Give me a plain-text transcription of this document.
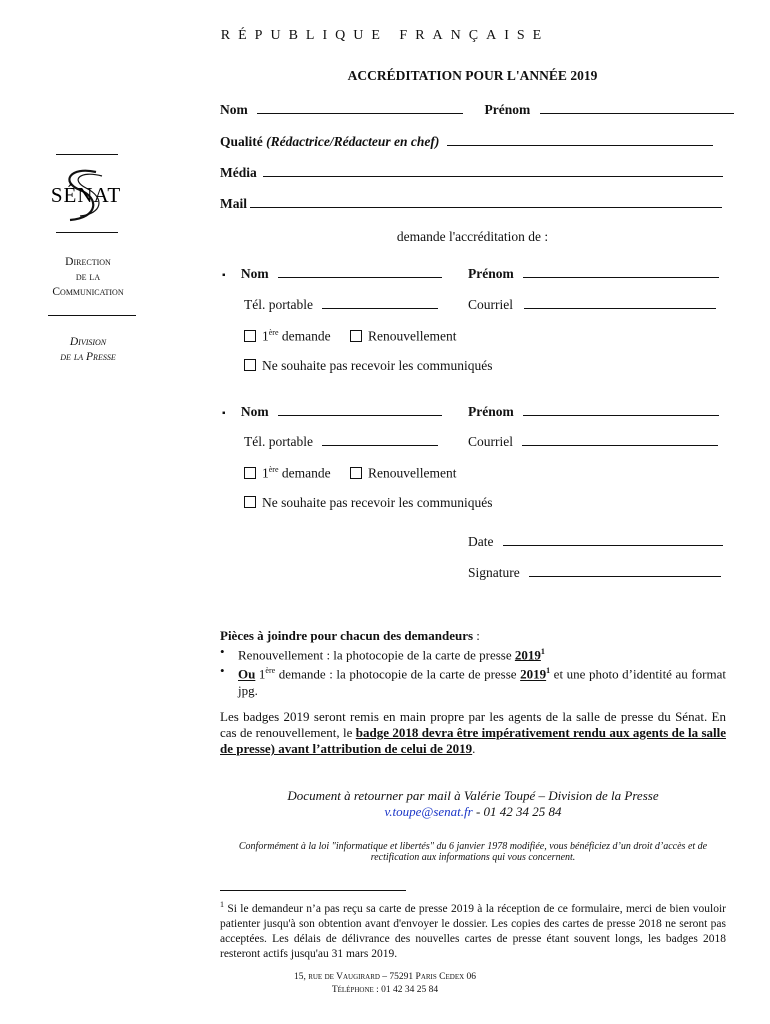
RÉPUBLIQUE FRANÇAISE
ACCRÉDITATION POUR L'ANNÉE 2019
SÉNAT
Direction
de la
Communication
Division
de la Presse
Nom	Prénom
Qualité (Rédactrice/Rédacteur en chef)
Média
Mail
demande l'accréditation de :
▪ Nom	Prénom
Tél. portable	Courriel
1ère demande	Renouvellement
Ne souhaite pas recevoir les communiqués
▪ Nom	Prénom
Tél. portable	Courriel
1ère demande	Renouvellement
Ne souhaite pas recevoir les communiqués
Date
Signature
Pièces à joindre pour chacun des demandeurs :
•	Renouvellement : la photocopie de la carte de presse 2019$^1$
•	Ou 1ère demande : la photocopie de la carte de presse 2019$^1$ et une photo d’identité au format jpg.
Les badges 2019 seront remis en main propre par les agents de la salle de presse du Sénat. En cas de renouvellement, le badge 2018 devra être impérativement rendu aux agents de la salle de presse) avant l’attribution de celui de 2019.
Document à retourner par mail à Valérie Toupé – Division de la Presse
v.toupe@senat.fr - 01 42 34 25 84
Conformément à la loi "informatique et libertés" du 6 janvier 1978 modifiée, vous bénéficiez d’un droit d’accès et de rectification aux informations qui vous concernent.
$^1$ Si le demandeur n’a pas reçu sa carte de presse 2019 à la réception de ce formulaire, merci de bien vouloir patienter jusqu'à son obtention avant d'envoyer le dossier. Les copies des cartes de presse 2018 ne seront pas acceptées. Les délais de délivrance des nouvelles cartes de presse étant souvent longs, les badges 2018 resteront actifs jusqu'au 31 mars 2019.
15, rue de Vaugirard – 75291 Paris Cedex 06
Téléphone : 01 42 34 25 84
